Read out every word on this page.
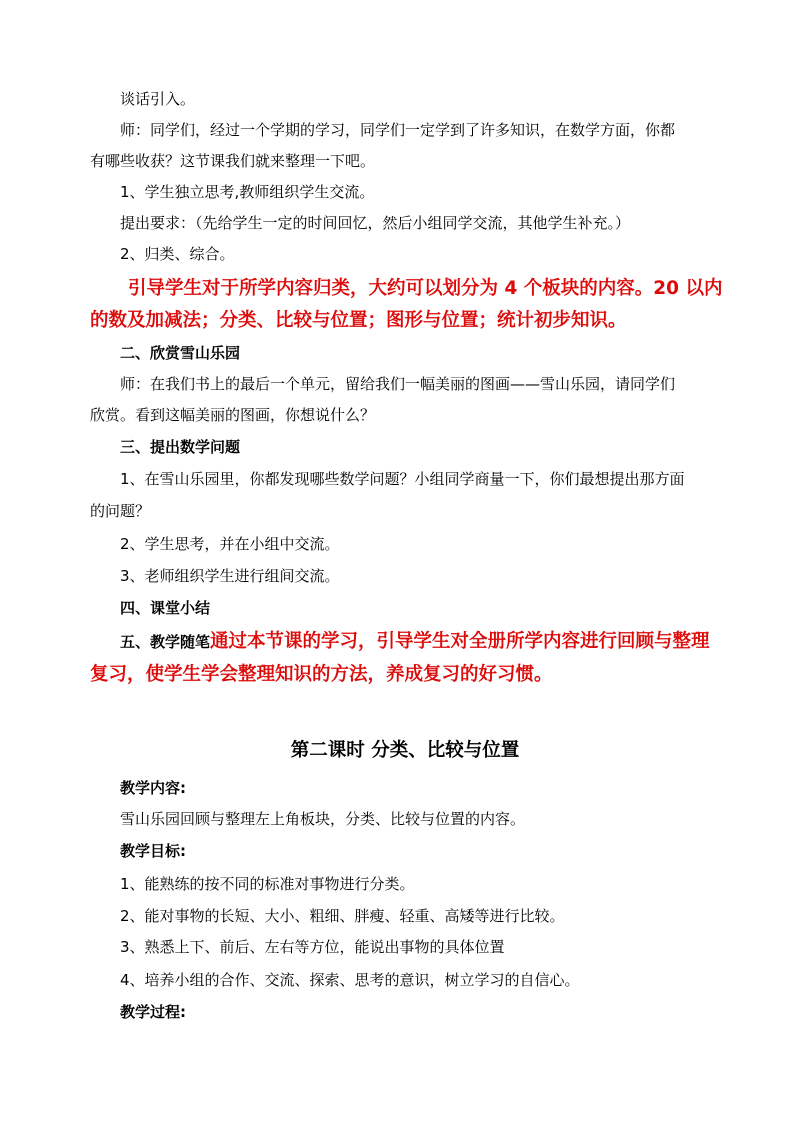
谈话引入。

师：同学们，经过一个学期的学习，同学们一定学到了许多知识，在数学方面，你都

有哪些收获？这节课我们就来整理一下吧。

1、学生独立思考,教师组织学生交流。

提出要求：（先给学生一定的时间回忆，然后小组同学交流，其他学生补充。）

2、归类、综合。

引导学生对于所学内容归类，大约可以划分为 4 个板块的内容。20 以内

的数及加减法；分类、比较与位置；图形与位置；统计初步知识。

二、欣赏雪山乐园

师：在我们书上的最后一个单元，留给我们一幅美丽的图画——雪山乐园，请同学们

欣赏。看到这幅美丽的图画，你想说什么？

三、提出数学问题

1、在雪山乐园里，你都发现哪些数学问题？小组同学商量一下，你们最想提出那方面

的问题？

2、学生思考，并在小组中交流。

3、老师组织学生进行组间交流。

四、课堂小结

五、教学随笔通过本节课的学习，引导学生对全册所学内容进行回顾与整理

复习，使学生学会整理知识的方法，养成复习的好习惯。

第二课时 分类、比较与位置

教学内容:

雪山乐园回顾与整理左上角板块，分类、比较与位置的内容。

教学目标:

1、能熟练的按不同的标准对事物进行分类。

2、能对事物的长短、大小、粗细、胖瘦、轻重、高矮等进行比较。

3、熟悉上下、前后、左右等方位，能说出事物的具体位置

4、培养小组的合作、交流、探索、思考的意识，树立学习的自信心。

教学过程:
